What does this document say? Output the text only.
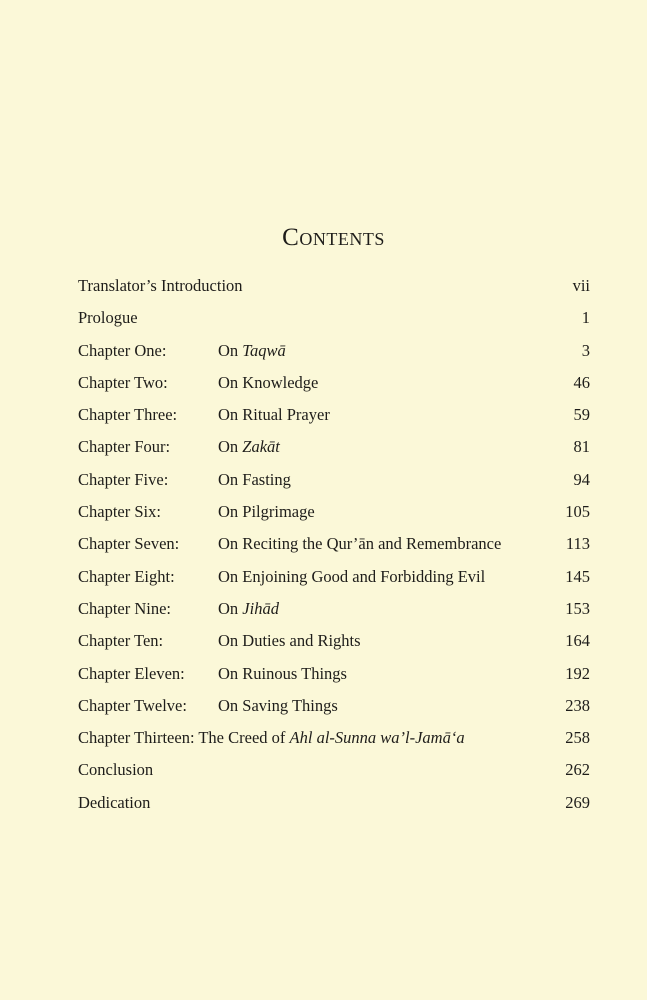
Contents
Translator’s Introduction	vii
Prologue	1
Chapter One:	On Taqwā	3
Chapter Two:	On Knowledge	46
Chapter Three: On Ritual Prayer	59
Chapter Four:	On Zakāt	81
Chapter Five:	On Fasting	94
Chapter Six:	On Pilgrimage	105
Chapter Seven: On Reciting the Qur’ān and Remembrance	113
Chapter Eight:	On Enjoining Good and Forbidding Evil	145
Chapter Nine:	On Jihād	153
Chapter Ten:	On Duties and Rights	164
Chapter Eleven: On Ruinous Things	192
Chapter Twelve: On Saving Things	238
Chapter Thirteen: The Creed of Ahl al-Sunna wa’l-Jamā‘a	258
Conclusion	262
Dedication	269
